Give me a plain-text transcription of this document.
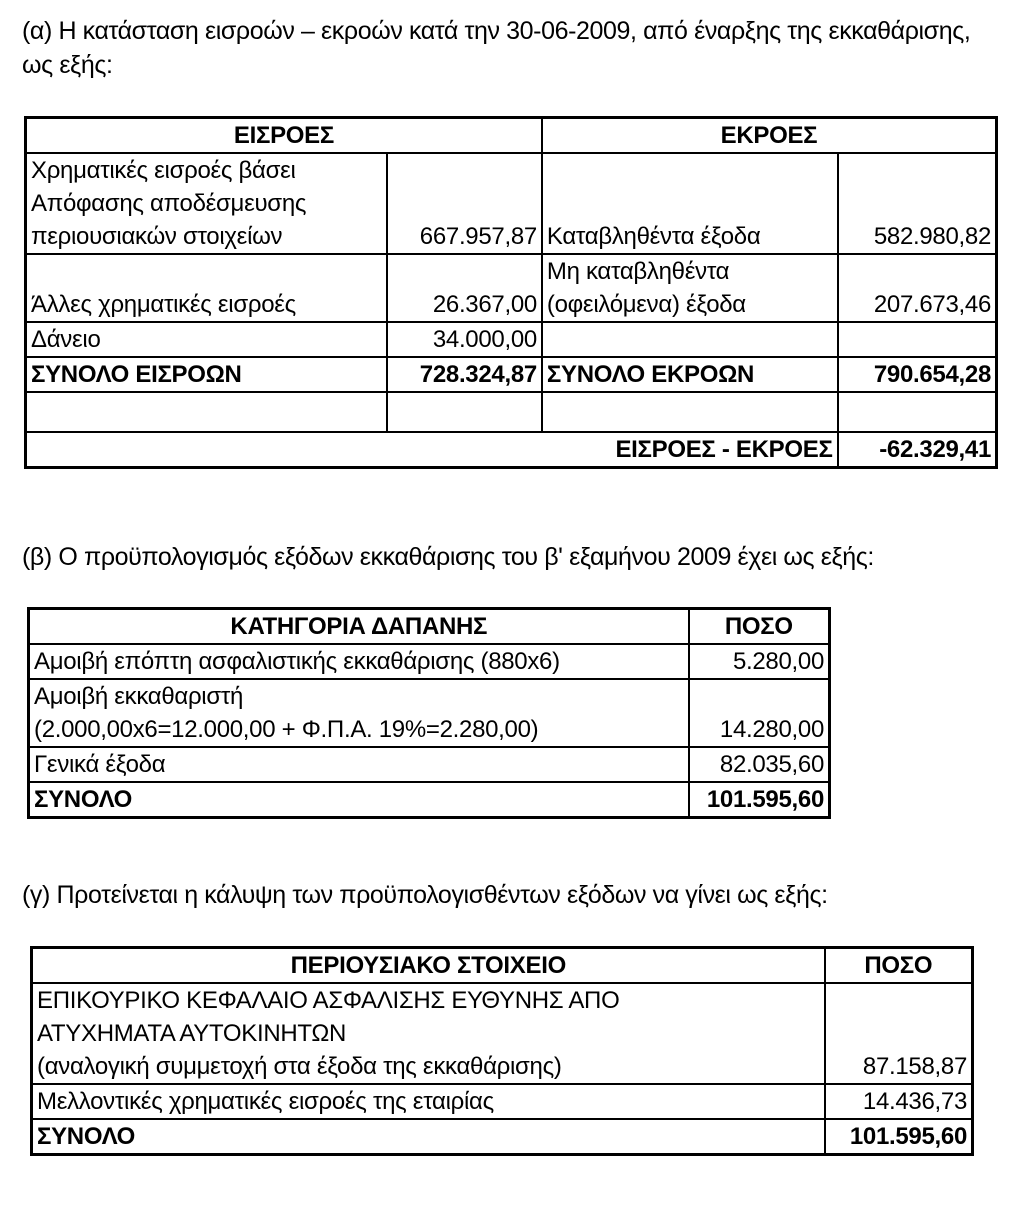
(α) Η κατάσταση εισροών – εκροών κατά την 30-06-2009, από έναρξης της εκκαθάρισης,

ως εξής:

ΕΙΣΡΟΕΣ		ΕΚΡΟΕΣ	

Χρηματικές εισροές βάσει
Απόφασης αποδέσμευσης
περιουσιακών στοιχείων	667.957,87	Καταβληθέντα έξοδα	582.980,82

Άλλες χρηματικές εισροές	26.367,00	Μη καταβληθέντα
(οφειλόμενα) έξοδα	207.673,46

Δάνειο	34.000,00		
ΣΥΝΟΛΟ ΕΙΣΡΟΩΝ	728.324,87	ΣΥΝΟΛΟ ΕΚΡΟΩΝ	790.654,28

ΕΙΣΡΟΕΣ - ΕΚΡΟΕΣ			-62.329,41

(β) Ο προϋπολογισμός εξόδων εκκαθάρισης του β' εξαμήνου 2009 έχει ως εξής:

ΚΑΤΗΓΟΡΙΑ ΔΑΠΑΝΗΣ	ΠΟΣΟ

Αμοιβή επόπτη ασφαλιστικής εκκαθάρισης (880x6)	5.280,00

Αμοιβή εκκαθαριστή
(2.000,00x6=12.000,00 + Φ.Π.Α. 19%=2.280,00)	14.280,00

Γενικά έξοδα	82.035,60
ΣΥΝΟΛΟ	101.595,60

(γ) Προτείνεται η κάλυψη των προϋπολογισθέντων εξόδων να γίνει ως εξής:

ΠΕΡΙΟΥΣΙΑΚΟ ΣΤΟΙΧΕΙΟ	ΠΟΣΟ

ΕΠΙΚΟΥΡΙΚΟ ΚΕΦΑΛΑΙΟ ΑΣΦΑΛΙΣΗΣ ΕΥΘΥΝΗΣ ΑΠΟ
ΑΤΥΧΗΜΑΤΑ ΑΥΤΟΚΙΝΗΤΩΝ
(αναλογική συμμετοχή στα έξοδα της εκκαθάρισης)	87.158,87

Μελλοντικές χρηματικές εισροές της εταιρίας	14.436,73
ΣΥΝΟΛΟ	101.595,60
